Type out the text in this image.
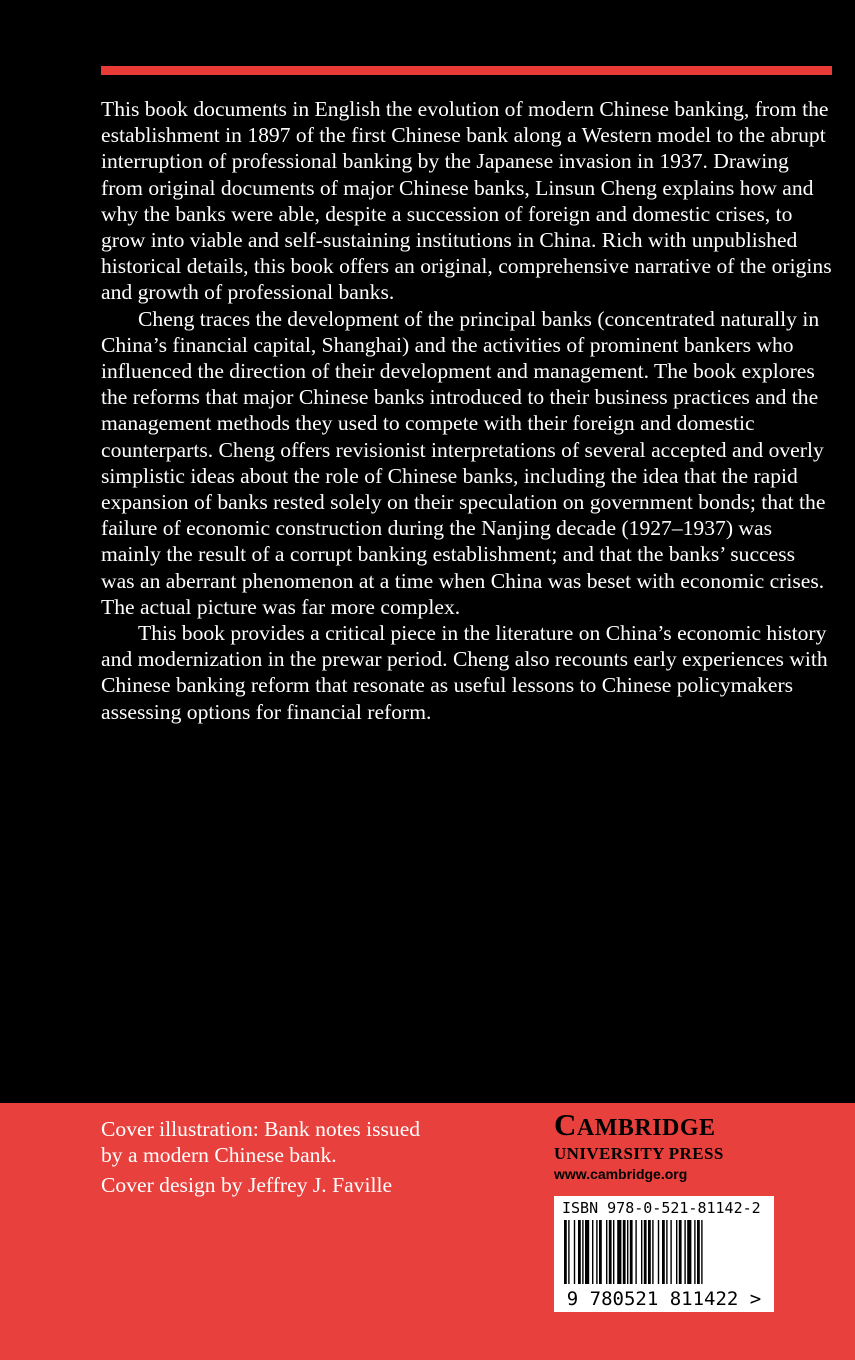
This book documents in English the evolution of modern Chinese banking, from the establishment in 1897 of the first Chinese bank along a Western model to the abrupt interruption of professional banking by the Japanese invasion in 1937. Drawing from original documents of major Chinese banks, Linsun Cheng explains how and why the banks were able, despite a succession of foreign and domestic crises, to grow into viable and self-sustaining institutions in China. Rich with unpublished historical details, this book offers an original, comprehensive narrative of the origins and growth of professional banks.

Cheng traces the development of the principal banks (concentrated naturally in China’s financial capital, Shanghai) and the activities of prominent bankers who influenced the direction of their development and management. The book explores the reforms that major Chinese banks introduced to their business practices and the management methods they used to compete with their foreign and domestic counterparts. Cheng offers revisionist interpretations of several accepted and overly simplistic ideas about the role of Chinese banks, including the idea that the rapid expansion of banks rested solely on their speculation on government bonds; that the failure of economic construction during the Nanjing decade (1927–1937) was mainly the result of a corrupt banking establishment; and that the banks’ success was an aberrant phenomenon at a time when China was beset with economic crises. The actual picture was far more complex.

This book provides a critical piece in the literature on China’s economic history and modernization in the prewar period. Cheng also recounts early experiences with Chinese banking reform that resonate as useful lessons to Chinese policymakers assessing options for financial reform.

Cover illustration: Bank notes issued
by a modern Chinese bank.
Cover design by Jeffrey J. Faville
CAMBRIDGE
UNIVERSITY PRESS
www.cambridge.org
ISBN 978-0-521-81142-2
9 780521 811422 >
